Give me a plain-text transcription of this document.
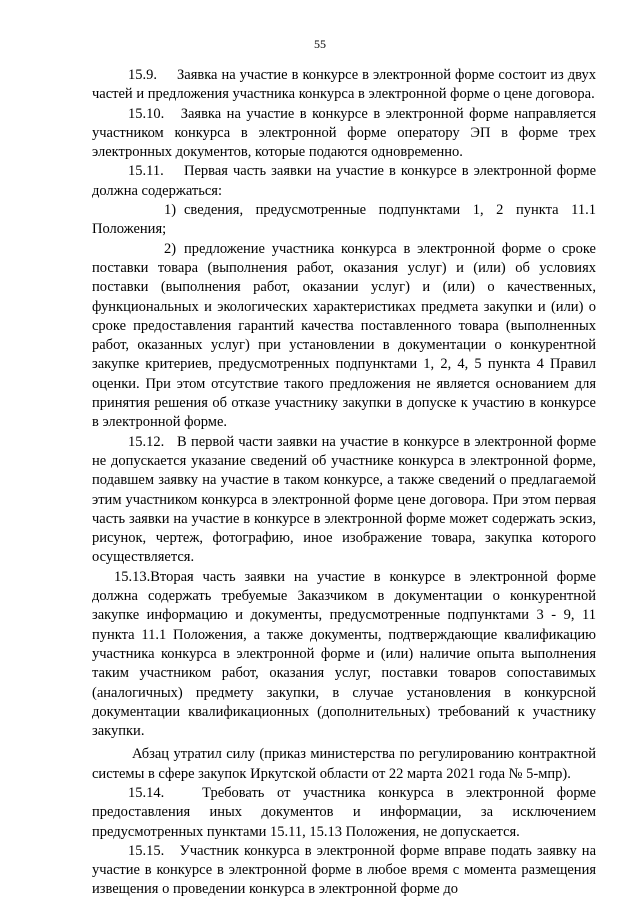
55

15.9. Заявка на участие в конкурсе в электронной форме состоит из двух частей и предложения участника конкурса в электронной форме о цене договора.

15.10. Заявка на участие в конкурсе в электронной форме направляется участником конкурса в электронной форме оператору ЭП в форме трех электронных документов, которые подаются одновременно.

15.11. Первая часть заявки на участие в конкурсе в электронной форме должна содержаться:

1) сведения, предусмотренные подпунктами 1, 2 пункта 11.1 Положения;

2) предложение участника конкурса в электронной форме о сроке поставки товара (выполнения работ, оказания услуг) и (или) об условиях поставки (выполнения работ, оказании услуг) и (или) о качественных, функциональных и экологических характеристиках предмета закупки и (или) о сроке предоставления гарантий качества поставленного товара (выполненных работ, оказанных услуг) при установлении в документации о конкурентной закупке критериев, предусмотренных подпунктами 1, 2, 4, 5 пункта 4 Правил оценки. При этом отсутствие такого предложения не является основанием для принятия решения об отказе участнику закупки в допуске к участию в конкурсе в электронной форме.

15.12. В первой части заявки на участие в конкурсе в электронной форме не допускается указание сведений об участнике конкурса в электронной форме, подавшем заявку на участие в таком конкурсе, а также сведений о предлагаемой этим участником конкурса в электронной форме цене договора. При этом первая часть заявки на участие в конкурсе в электронной форме может содержать эскиз, рисунок, чертеж, фотографию, иное изображение товара, закупка которого осуществляется.

15.13.Вторая часть заявки на участие в конкурсе в электронной форме должна содержать требуемые Заказчиком в документации о конкурентной закупке информацию и документы, предусмотренные подпунктами 3 - 9, 11 пункта 11.1 Положения, а также документы, подтверждающие квалификацию участника конкурса в электронной форме и (или) наличие опыта выполнения таким участником работ, оказания услуг, поставки товаров сопоставимых (аналогичных) предмету закупки, в случае установления в конкурсной документации квалификационных (дополнительных) требований к участнику закупки.

Абзац утратил силу (приказ министерства по регулированию контрактной системы в сфере закупок Иркутской области от 22 марта 2021 года № 5-мпр).

15.14.	Требовать от участника конкурса в электронной форме предоставления иных документов и информации, за исключением предусмотренных пунктами 15.11, 15.13 Положения, не допускается.

15.15. Участник конкурса в электронной форме вправе подать заявку на участие в конкурсе в электронной форме в любое время с момента размещения извещения о проведении конкурса в электронной форме до
